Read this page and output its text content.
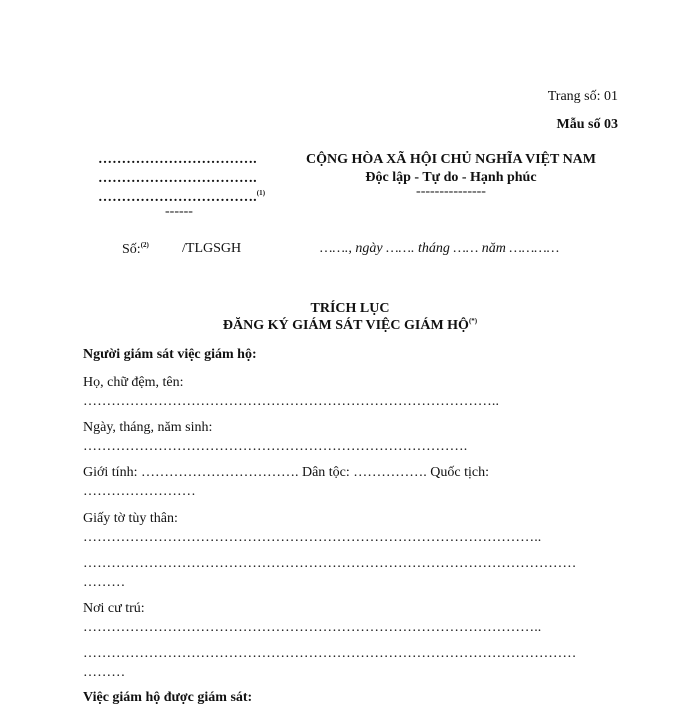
Trang số: 01
Mẫu số 03
…………………………….
…………………………….
…………………………….$^{(1)}$
------
CỘNG HÒA XÃ HỘI CHỦ NGHĨA VIỆT NAM
Độc lập - Tự do - Hạnh phúc
---------------
Số:$^{(2)}$ /TLGSGH	……., ngày ……. tháng …… năm …………
TRÍCH LỤC
ĐĂNG KÝ GIÁM SÁT VIỆC GIÁM HỘ(*)
Người giám sát việc giám hộ:
Họ, chữ đệm, tên:
……………………………………………………………………………..
Ngày, tháng, năm sinh:
……………………………………………………………………….
Giới tính: ……………………………. Dân tộc: ……………. Quốc tịch:
……………………
Giấy tờ tùy thân:
……………………………………………………………………………………..
……………………………………………………………………………………………
………
Nơi cư trú:
……………………………………………………………………………………..
……………………………………………………………………………………………
………
Việc giám hộ được giám sát:
